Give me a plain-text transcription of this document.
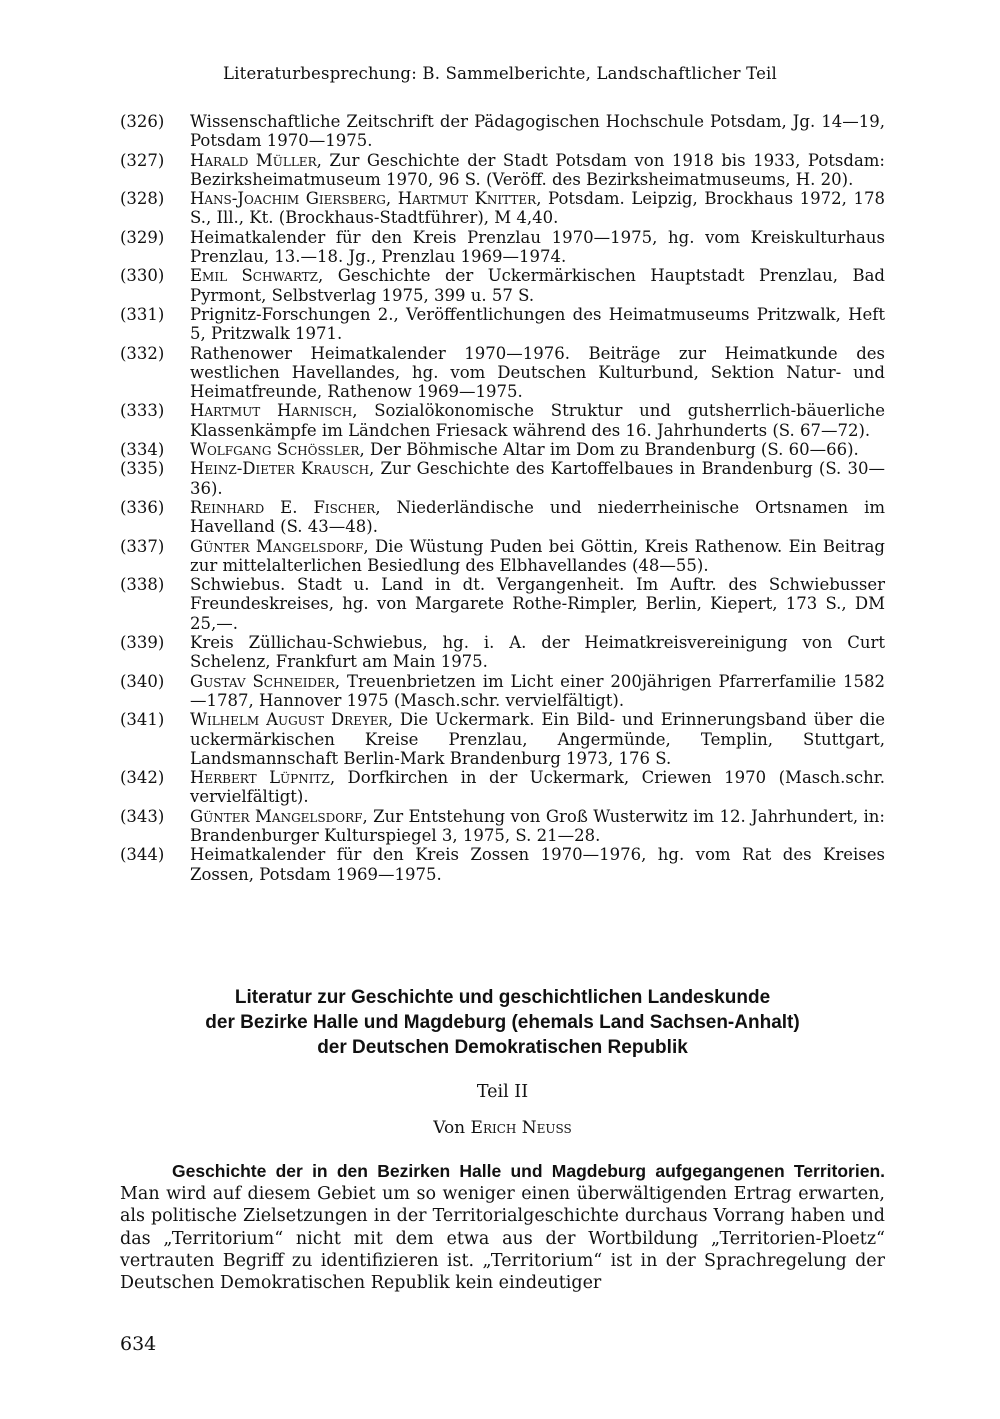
Literaturbesprechung: B. Sammelberichte, Landschaftlicher Teil

(326)	Wissenschaftliche Zeitschrift der Pädagogischen Hochschule Potsdam, Jg. 14—19, Potsdam 1970—1975.

(327)	Harald Müller, Zur Geschichte der Stadt Potsdam von 1918 bis 1933, Potsdam: Bezirksheimatmuseum 1970, 96 S. (Veröff. des Bezirksheimatmuseums, H. 20).

(328)	Hans-Joachim Giersberg, Hartmut Knitter, Potsdam. Leipzig, Brockhaus 1972, 178 S., Ill., Kt. (Brockhaus-Stadtführer), M 4,40.

(329)	Heimatkalender für den Kreis Prenzlau 1970—1975, hg. vom Kreiskulturhaus Prenzlau, 13.—18. Jg., Prenzlau 1969—1974.

(330)	Emil Schwartz, Geschichte der Uckermärkischen Hauptstadt Prenzlau, Bad Pyrmont, Selbstverlag 1975, 399 u. 57 S.

(331)	Prignitz-Forschungen 2., Veröffentlichungen des Heimatmuseums Pritzwalk, Heft 5, Pritzwalk 1971.

(332)	Rathenower Heimatkalender 1970—1976. Beiträge zur Heimatkunde des westlichen Havellandes, hg. vom Deutschen Kulturbund, Sektion Natur- und Heimatfreunde, Rathenow 1969—1975.

(333)	Hartmut Harnisch, Sozialökonomische Struktur und gutsherrlich-bäuerliche Klassenkämpfe im Ländchen Friesack während des 16. Jahrhunderts (S. 67—72).

(334)	Wolfgang Schössler, Der Böhmische Altar im Dom zu Brandenburg (S. 60—66).

(335)	Heinz-Dieter Krausch, Zur Geschichte des Kartoffelbaues in Brandenburg (S. 30—36).

(336)	Reinhard E. Fischer, Niederländische und niederrheinische Ortsnamen im Havelland (S. 43—48).

(337)	Günter Mangelsdorf, Die Wüstung Puden bei Göttin, Kreis Rathenow. Ein Beitrag zur mittelalterlichen Besiedlung des Elbhavellandes (48—55).

(338)	Schwiebus. Stadt u. Land in dt. Vergangenheit. Im Auftr. des Schwiebusser Freundeskreises, hg. von Margarete Rothe-Rimpler, Berlin, Kiepert, 173 S., DM 25,—.

(339)	Kreis Züllichau-Schwiebus, hg. i. A. der Heimatkreisvereinigung von Curt Schelenz, Frankfurt am Main 1975.

(340)	Gustav Schneider, Treuenbrietzen im Licht einer 200jährigen Pfarrerfamilie 1582—1787, Hannover 1975 (Masch.schr. vervielfältigt).

(341)	Wilhelm August Dreyer, Die Uckermark. Ein Bild- und Erinnerungsband über die uckermärkischen Kreise Prenzlau, Angermünde, Templin, Stuttgart, Landsmannschaft Berlin-Mark Brandenburg 1973, 176 S.

(342)	Herbert Lüpnitz, Dorfkirchen in der Uckermark, Criewen 1970 (Masch.schr. vervielfältigt).

(343)	Günter Mangelsdorf, Zur Entstehung von Groß Wusterwitz im 12. Jahrhundert, in: Brandenburger Kulturspiegel 3, 1975, S. 21—28.

(344)	Heimatkalender für den Kreis Zossen 1970—1976, hg. vom Rat des Kreises Zossen, Potsdam 1969—1975.

Literatur zur Geschichte und geschichtlichen Landeskunde

der Bezirke Halle und Magdeburg (ehemals Land Sachsen-Anhalt)

der Deutschen Demokratischen Republik

Teil II
Von Erich Neuss

Geschichte der in den Bezirken Halle und Magdeburg aufgegangenen Territorien. Man wird auf diesem Gebiet um so weniger einen überwältigenden Ertrag erwarten, als politische Zielsetzungen in der Territorialgeschichte durchaus Vorrang haben und das „Territorium“ nicht mit dem etwa aus der Wortbildung „Territorien-Ploetz“ vertrauten Begriff zu identifizieren ist. „Territorium“ ist in der Sprachregelung der Deutschen Demokratischen Republik kein eindeutiger

634
